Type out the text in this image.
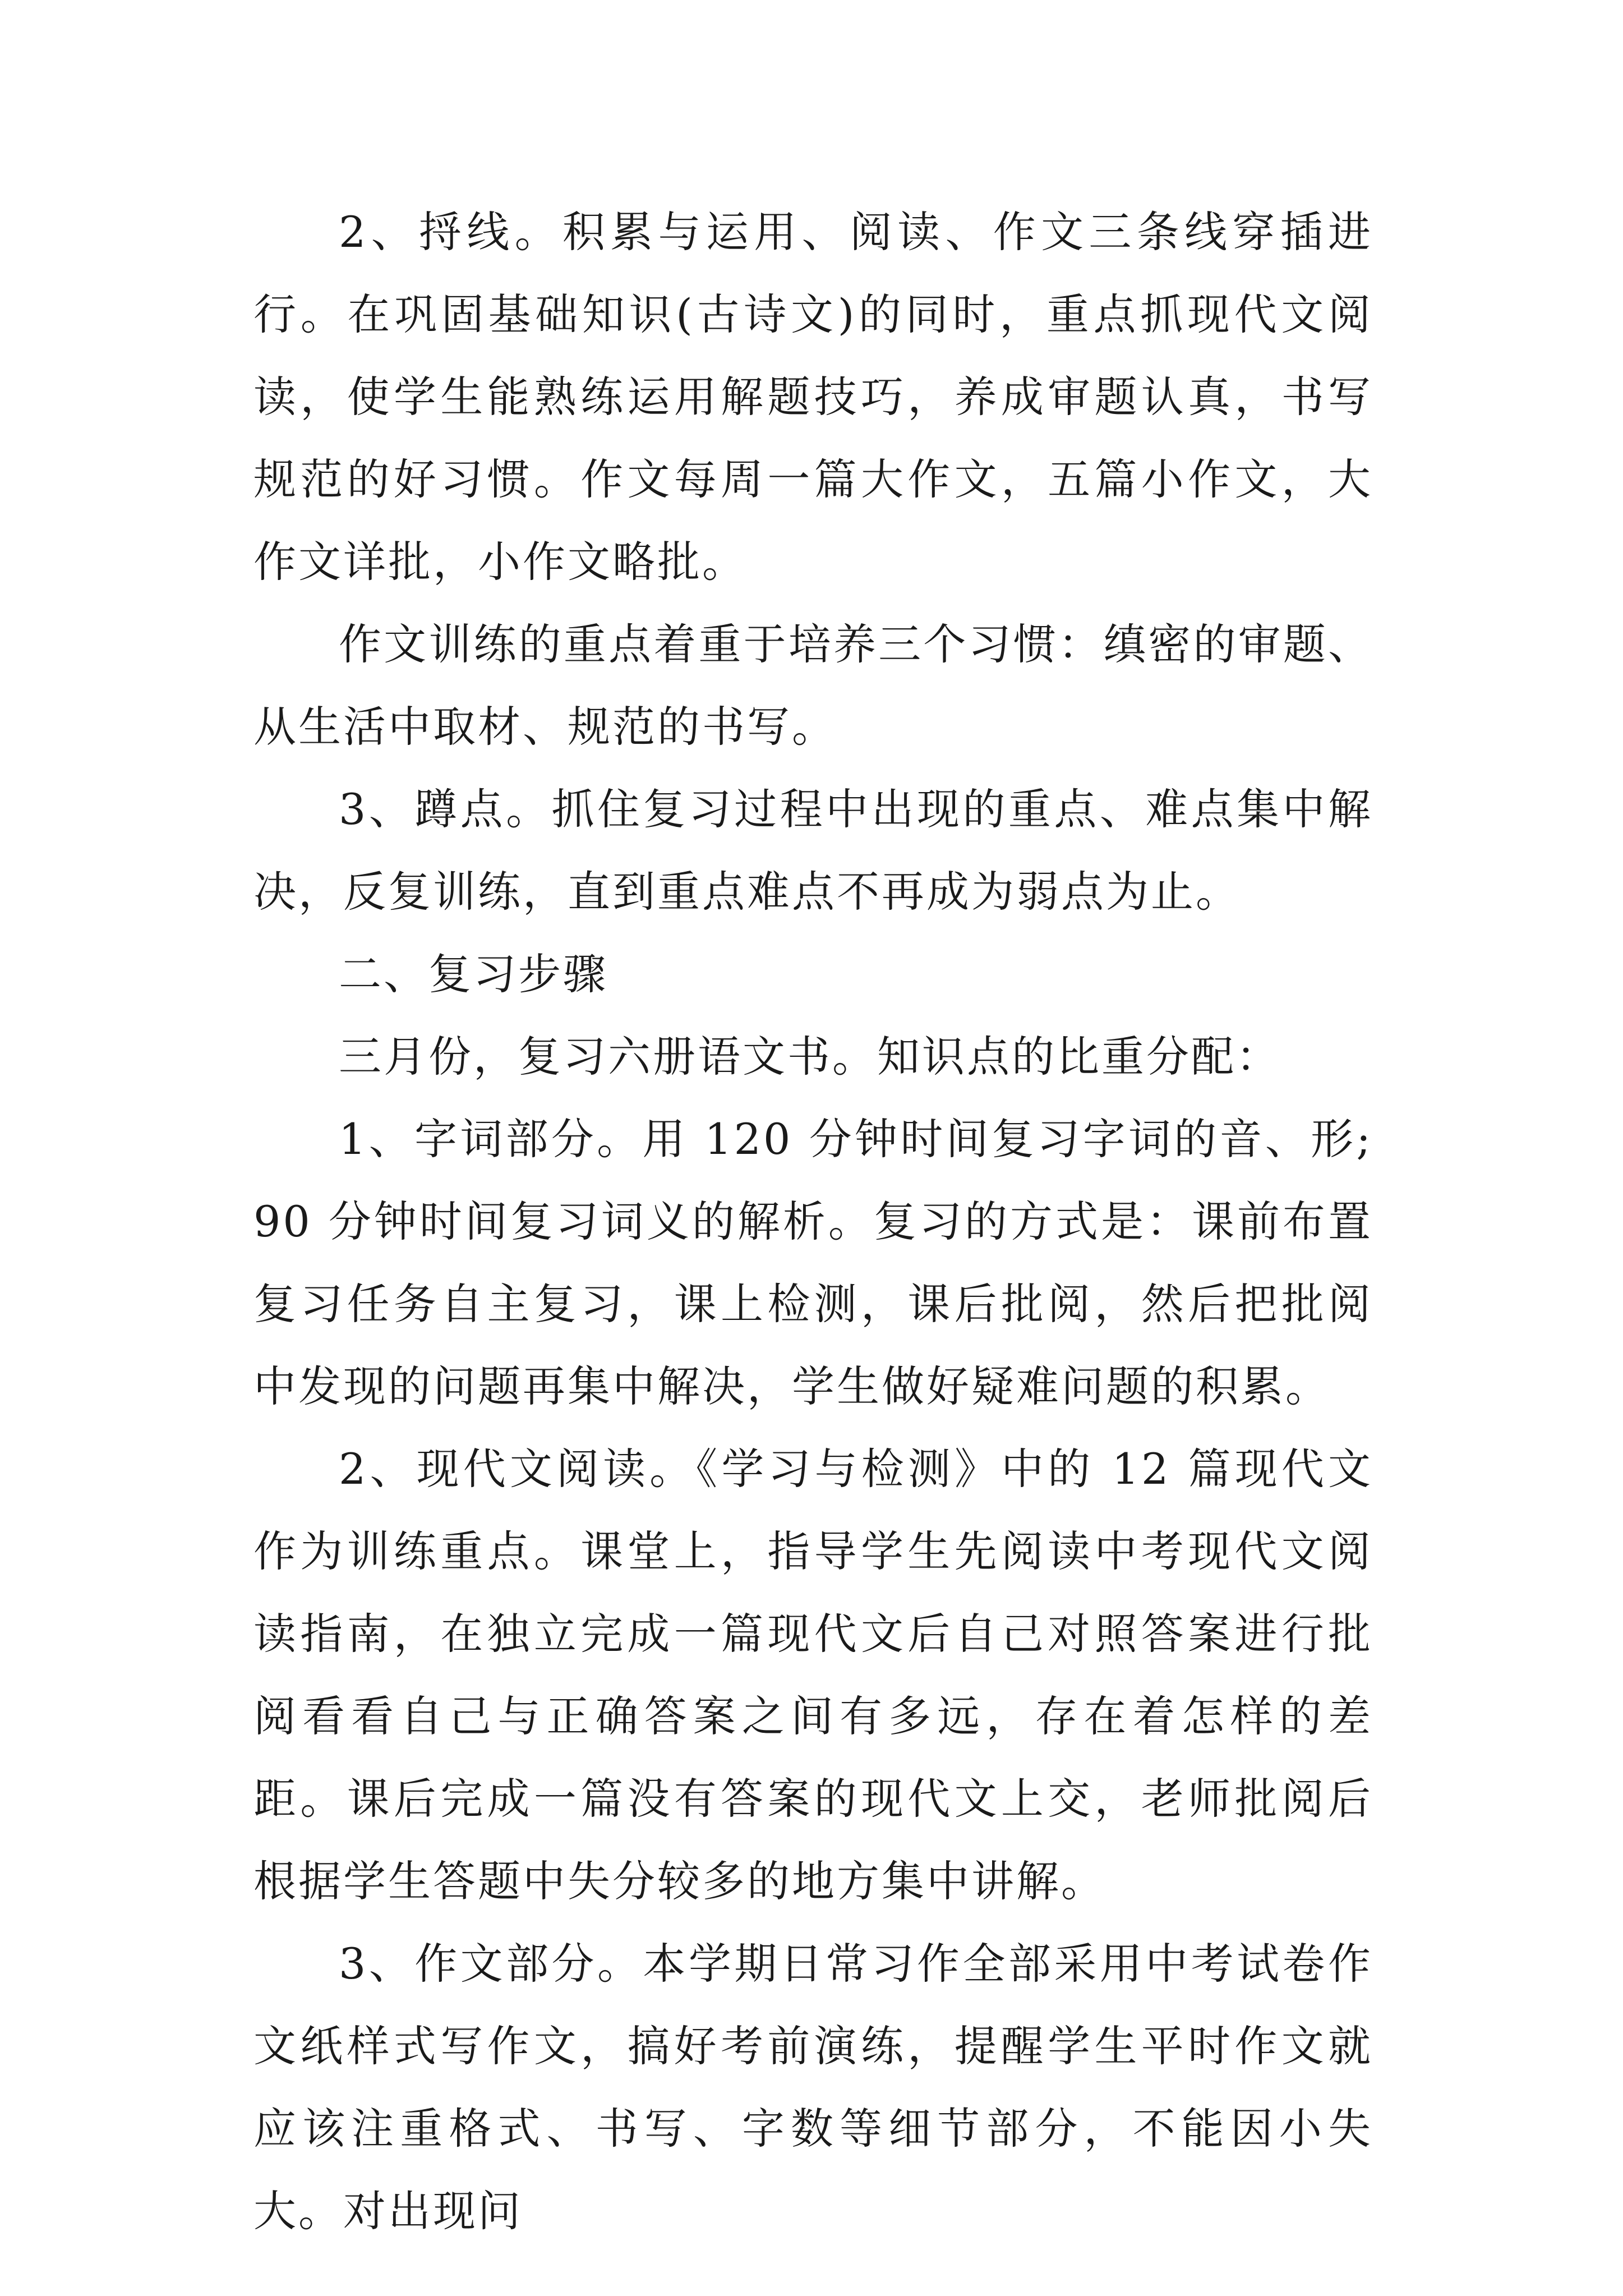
2、捋线。积累与运用、阅读、作文三条线穿插进行。在巩固基础知识(古诗文)的同时，重点抓现代文阅读，使学生能熟练运用解题技巧，养成审题认真，书写规范的好习惯。作文每周一篇大作文，五篇小作文，大作文详批，小作文略批。

作文训练的重点着重于培养三个习惯：缜密的审题、从生活中取材、规范的书写。

3、蹲点。抓住复习过程中出现的重点、难点集中解决，反复训练，直到重点难点不再成为弱点为止。

二、复习步骤

三月份，复习六册语文书。知识点的比重分配：

1、字词部分。用 120 分钟时间复习字词的音、形;90 分钟时间复习词义的解析。复习的方式是：课前布置复习任务自主复习，课上检测，课后批阅，然后把批阅中发现的问题再集中解决，学生做好疑难问题的积累。

2、现代文阅读。《学习与检测》中的 12 篇现代文作为训练重点。课堂上，指导学生先阅读中考现代文阅读指南，在独立完成一篇现代文后自己对照答案进行批阅看看自己与正确答案之间有多远，存在着怎样的差距。课后完成一篇没有答案的现代文上交，老师批阅后根据学生答题中失分较多的地方集中讲解。

3、作文部分。本学期日常习作全部采用中考试卷作文纸样式写作文，搞好考前演练，提醒学生平时作文就应该注重格式、书写、字数等细节部分，不能因小失大。对出现问
